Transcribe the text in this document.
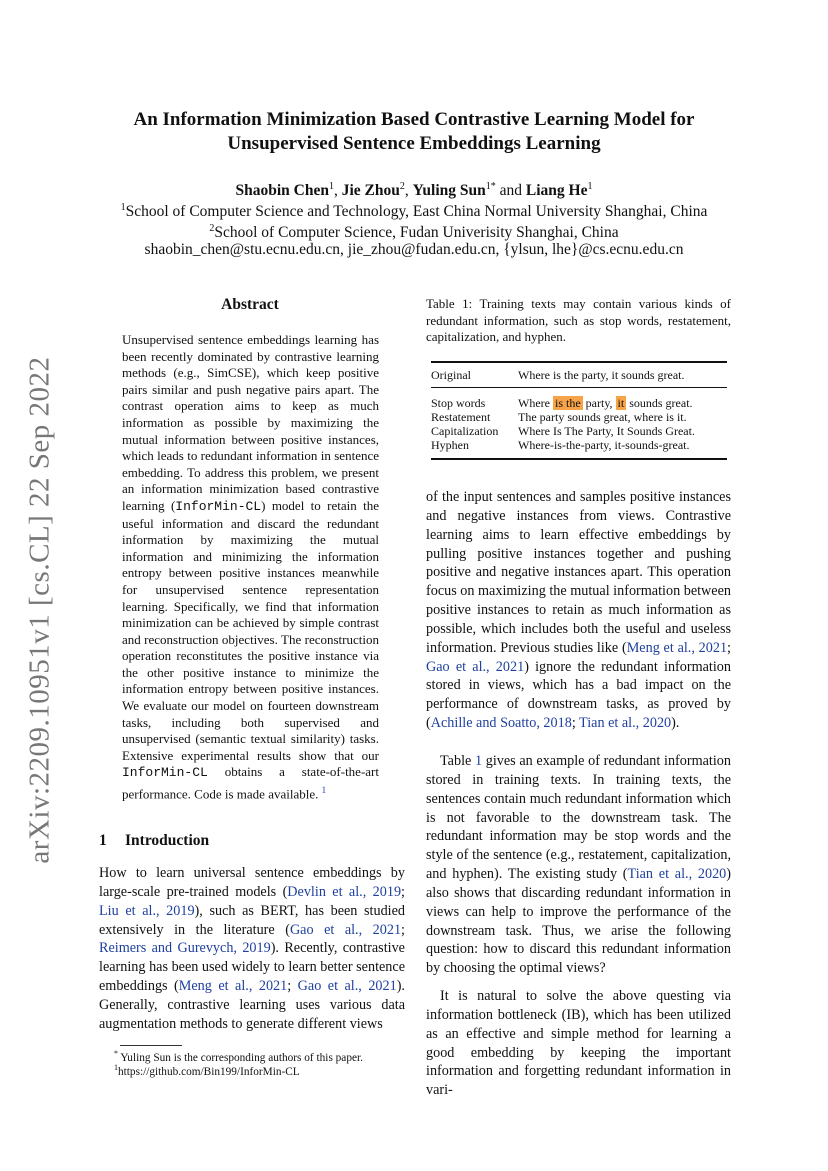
arXiv:2209.10951v1 [cs.CL] 22 Sep 2022
An Information Minimization Based Contrastive Learning Model for
Unsupervised Sentence Embeddings Learning
Shaobin Chen$^1$, Jie Zhou$^2$, Yuling Sun$^{1*}$ and Liang He$^1$
$^1$School of Computer Science and Technology, East China Normal University Shanghai, China
$^2$School of Computer Science, Fudan Univerisity Shanghai, China
shaobin_chen@stu.ecnu.edu.cn, jie_zhou@fudan.edu.cn, {ylsun, lhe}@cs.ecnu.edu.cn
Abstract
Unsupervised sentence embeddings learning has been recently dominated by contrastive learning methods (e.g., SimCSE), which keep positive pairs similar and push negative pairs apart. The contrast operation aims to keep as much information as possible by maximizing the mutual information between positive instances, which leads to redundant information in sentence embedding. To address this problem, we present an information minimization based contrastive learning (InforMin-CL) model to retain the useful information and discard the redundant information by maximizing the mutual information and minimizing the information entropy between positive instances meanwhile for unsupervised sentence representation learning. Specifically, we find that information minimization can be achieved by simple contrast and reconstruction objectives. The reconstruction operation reconstitutes the positive instance via the other positive instance to minimize the information entropy between positive instances. We evaluate our model on fourteen downstream tasks, including both supervised and unsupervised (semantic textual similarity) tasks. Extensive experimental results show that our InforMin-CL obtains a state-of-the-art performance. Code is made available. $^1$
1 Introduction
How to learn universal sentence embeddings by large-scale pre-trained models (Devlin et al., 2019; Liu et al., 2019), such as BERT, has been studied extensively in the literature (Gao et al., 2021; Reimers and Gurevych, 2019). Recently, contrastive learning has been used widely to learn better sentence embeddings (Meng et al., 2021; Gao et al., 2021). Generally, contrastive learning uses various data augmentation methods to generate different views
* Yuling Sun is the corresponding authors of this paper.
$^1$https://github.com/Bin199/InforMin-CL
Table 1: Training texts may contain various kinds of redundant information, such as stop words, restatement, capitalization, and hyphen.
Original	Where is the party, it sounds great.
Stop words	Where is the party, it sounds great.
Restatement	The party sounds great, where is it.
Capitalization	Where Is The Party, It Sounds Great.
Hyphen	Where-is-the-party, it-sounds-great.
of the input sentences and samples positive instances and negative instances from views. Contrastive learning aims to learn effective embeddings by pulling positive instances together and pushing positive and negative instances apart. This operation focus on maximizing the mutual information between positive instances to retain as much information as possible, which includes both the useful and useless information. Previous studies like (Meng et al., 2021; Gao et al., 2021) ignore the redundant information stored in views, which has a bad impact on the performance of downstream tasks, as proved by (Achille and Soatto, 2018; Tian et al., 2020).
Table 1 gives an example of redundant information stored in training texts. In training texts, the sentences contain much redundant information which is not favorable to the downstream task. The redundant information may be stop words and the style of the sentence (e.g., restatement, capitalization, and hyphen). The existing study (Tian et al., 2020) also shows that discarding redundant information in views can help to improve the performance of the downstream task. Thus, we arise the following question: how to discard this redundant information by choosing the optimal views?
It is natural to solve the above questing via information bottleneck (IB), which has been utilized as an effective and simple method for learning a good embedding by keeping the important information and forgetting redundant information in vari-
